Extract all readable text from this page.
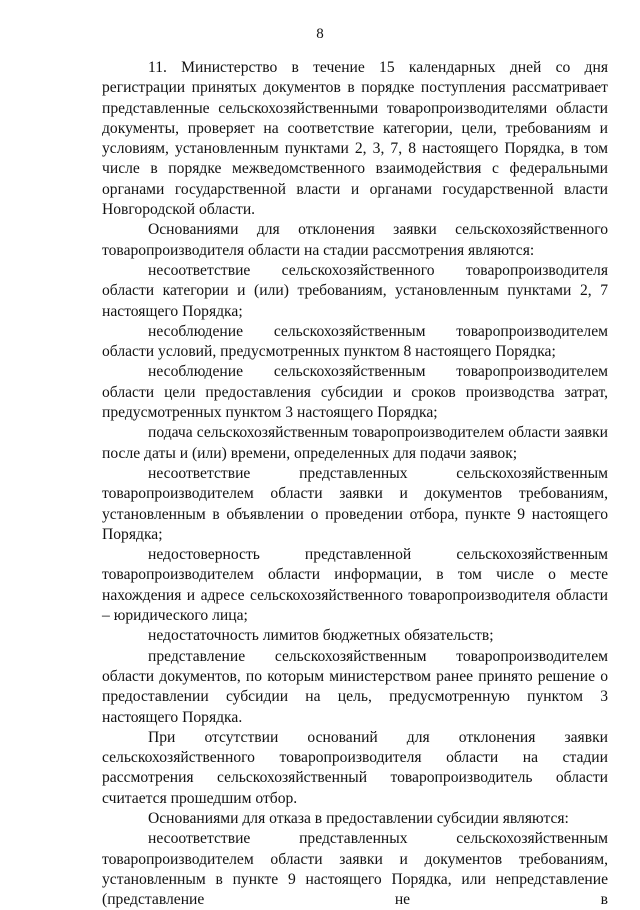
8

11. Министерство в течение 15 календарных дней со дня регистрации принятых документов в порядке поступления рассматривает представленные сельскохозяйственными товаропроизводителями области документы, проверяет на соответствие категории, цели, требованиям и условиям, установленным пунктами 2, 3, 7, 8 настоящего Порядка, в том числе в порядке межведомственного взаимодействия с федеральными органами государственной власти и органами государственной власти Новгородской области.

Основаниями для отклонения заявки сельскохозяйственного товаропроизводителя области на стадии рассмотрения являются:

несоответствие сельскохозяйственного товаропроизводителя области категории и (или) требованиям, установленным пунктами 2, 7 настоящего Порядка;

несоблюдение сельскохозяйственным товаропроизводителем области условий, предусмотренных пунктом 8 настоящего Порядка;

несоблюдение сельскохозяйственным товаропроизводителем области цели предоставления субсидии и сроков производства затрат, предусмотренных пунктом 3 настоящего Порядка;

подача сельскохозяйственным товаропроизводителем области заявки после даты и (или) времени, определенных для подачи заявок;

несоответствие представленных сельскохозяйственным товаропроизводителем области заявки и документов требованиям, установленным в объявлении о проведении отбора, пункте 9 настоящего Порядка;

недостоверность представленной сельскохозяйственным товаропроизводителем области информации, в том числе о месте нахождения и адресе сельскохозяйственного товаропроизводителя области – юридического лица;

недостаточность лимитов бюджетных обязательств;

представление сельскохозяйственным товаропроизводителем области документов, по которым министерством ранее принято решение о предоставлении субсидии на цель, предусмотренную пунктом 3 настоящего Порядка.

При отсутствии оснований для отклонения заявки сельскохозяйственного товаропроизводителя области на стадии рассмотрения сельскохозяйственный товаропроизводитель области считается прошедшим отбор.

Основаниями для отказа в предоставлении субсидии являются:

несоответствие представленных сельскохозяйственным товаропроизводителем области заявки и документов требованиям, установленным в пункте 9 настоящего Порядка, или непредставление (представление не в
